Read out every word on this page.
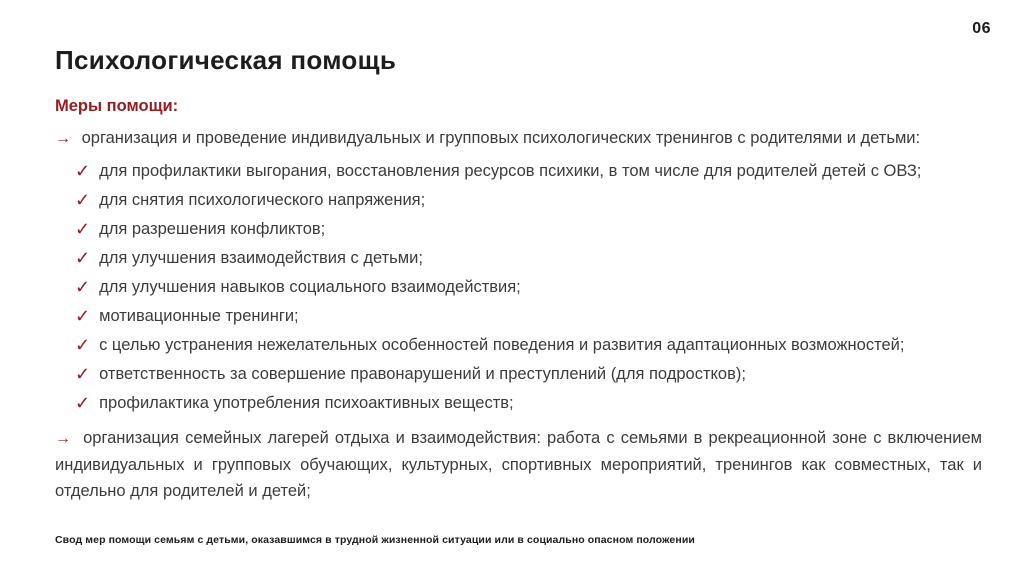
06
Психологическая помощь
Меры помощи:

→ организация и проведение индивидуальных и групповых психологических тренингов с родителями и детьми:

✓ для профилактики выгорания, восстановления ресурсов психики, в том числе для родителей детей с ОВЗ;
✓ для снятия психологического напряжения;
✓ для разрешения конфликтов;
✓ для улучшения взаимодействия с детьми;
✓ для улучшения навыков социального взаимодействия;
✓ мотивационные тренинги;
✓ с целью устранения нежелательных особенностей поведения и развития адаптационных возможностей;
✓ ответственность за совершение правонарушений и преступлений (для подростков);
✓ профилактика употребления психоактивных веществ;

→ организация семейных лагерей отдыха и взаимодействия: работа с семьями в рекреационной зоне с включением индивидуальных и групповых обучающих, культурных, спортивных мероприятий, тренингов как совместных, так и отдельно для родителей и детей;

Свод мер помощи семьям с детьми, оказавшимся в трудной жизненной ситуации или в социально опасном положении
